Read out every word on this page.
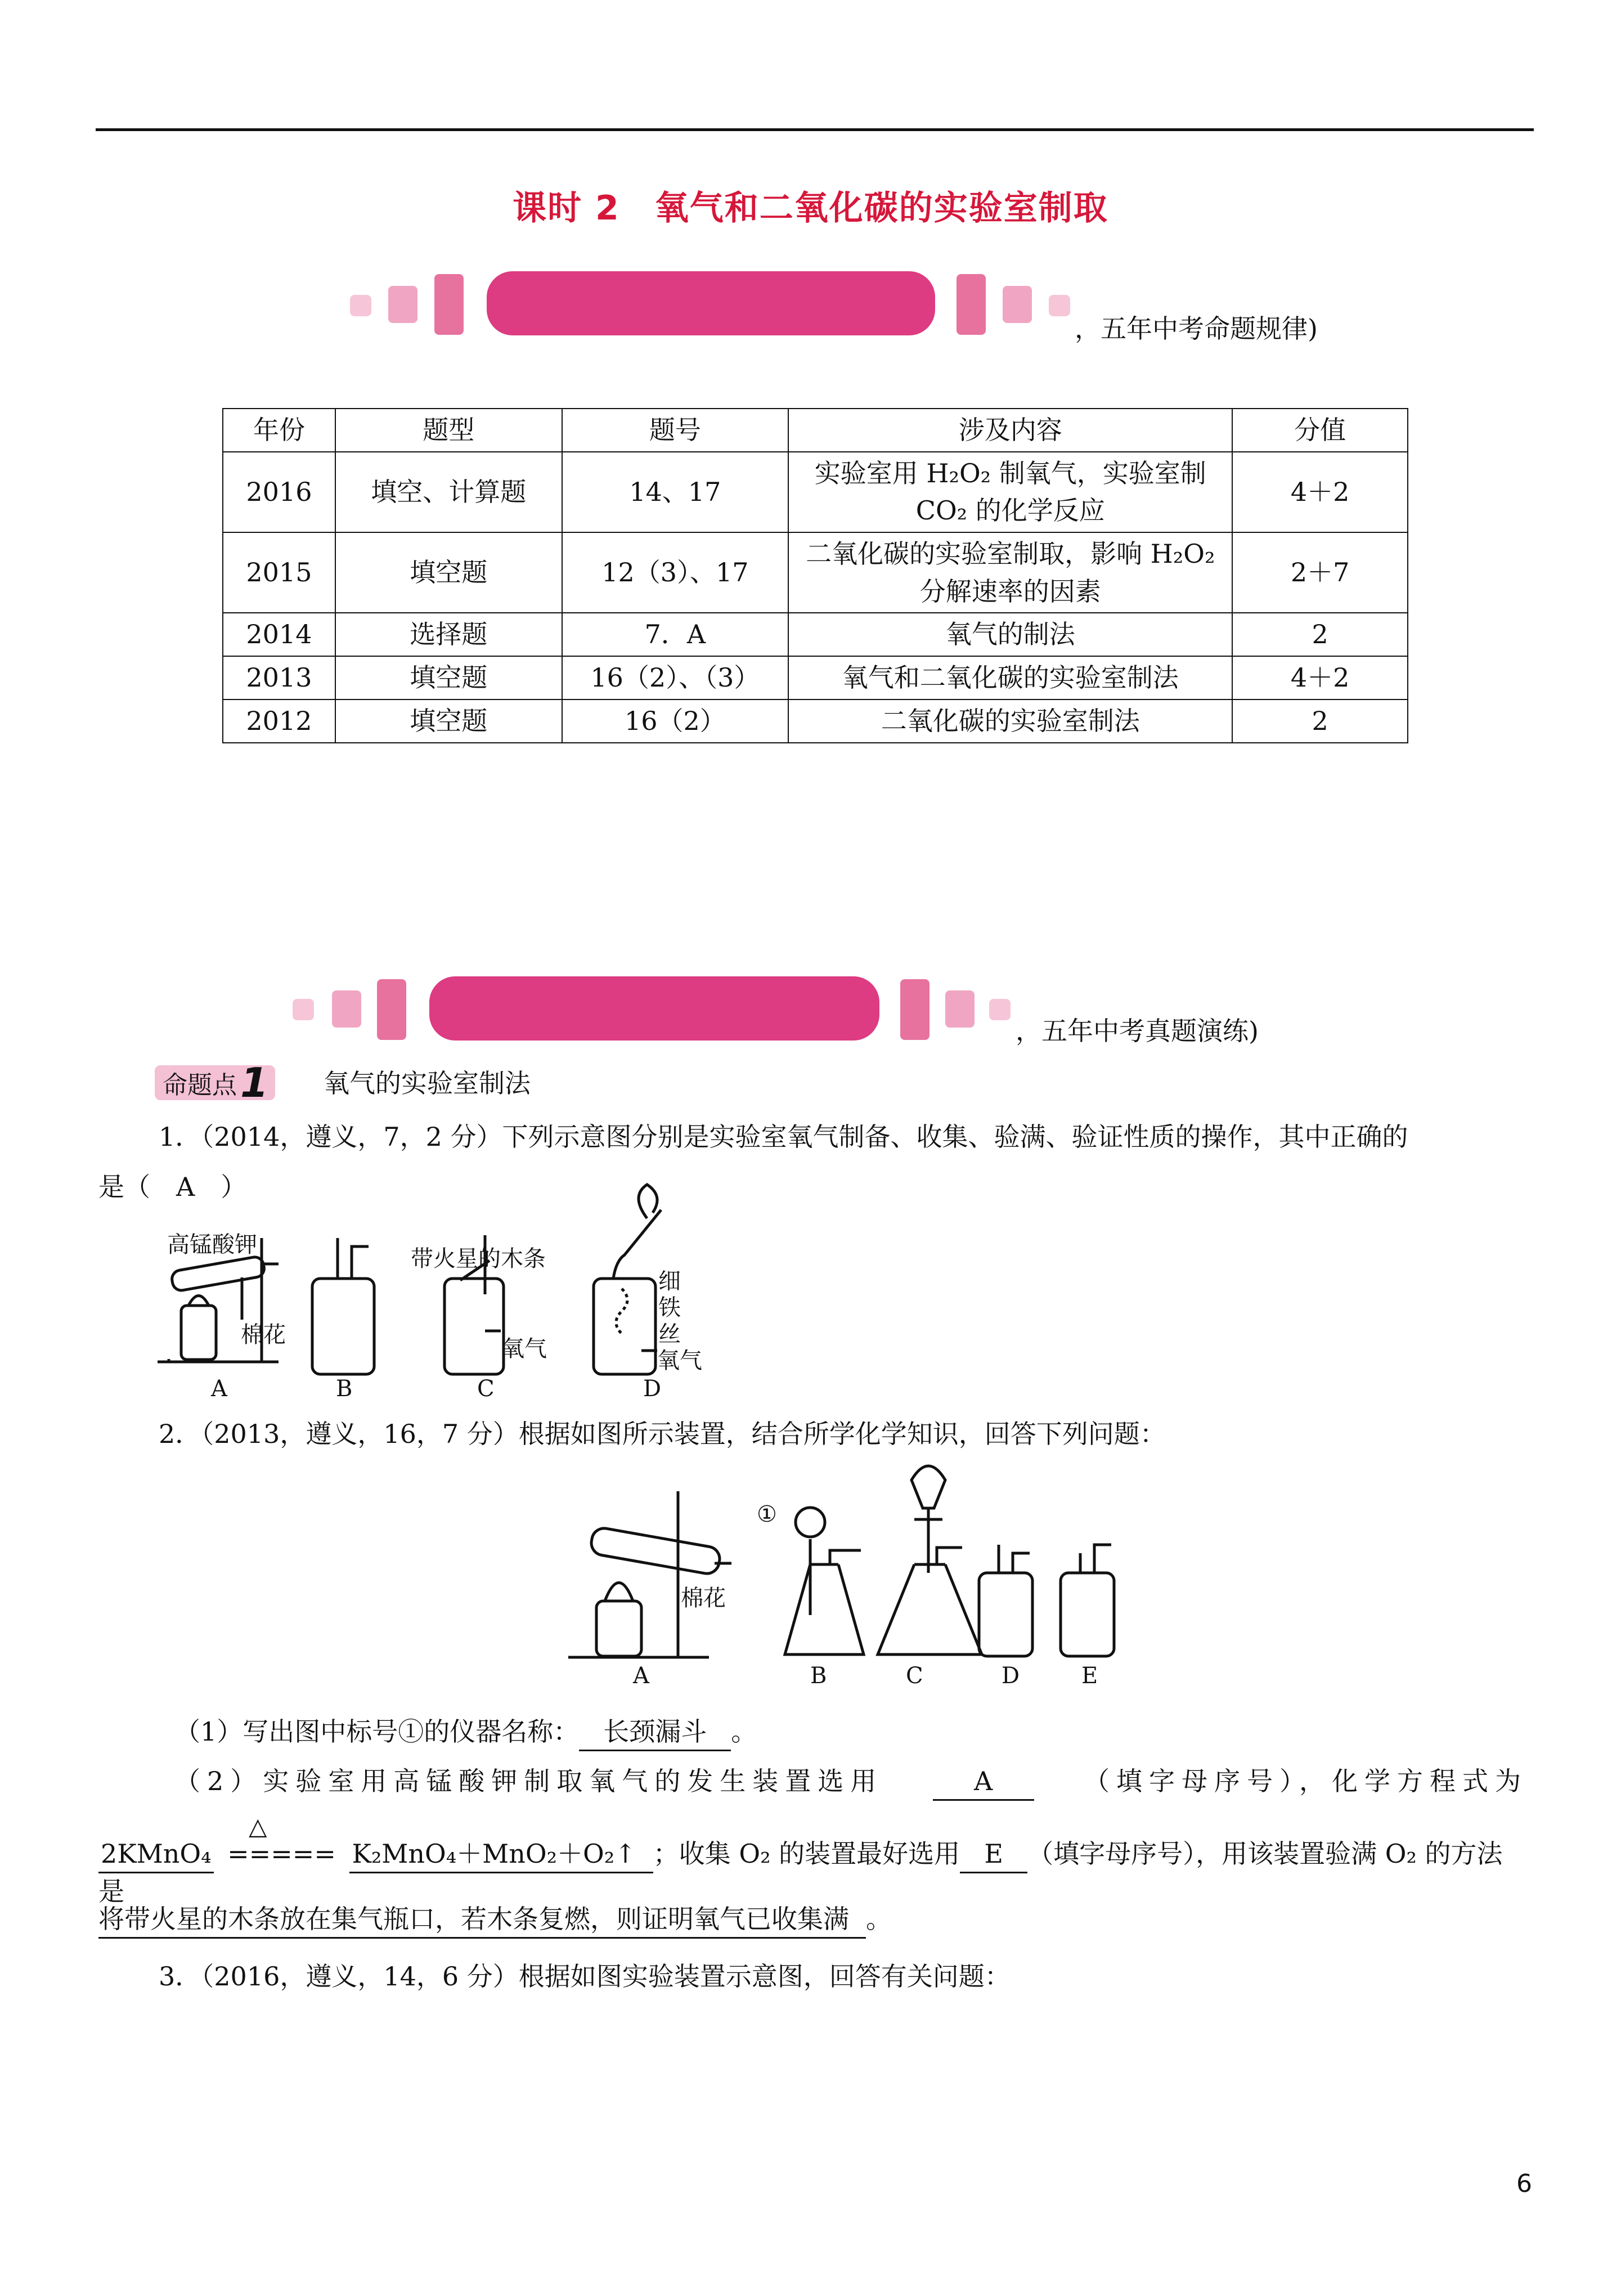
课时 2　氧气和二氧化碳的实验室制取
，五年中考命题规律)
年份	题型	题号	涉及内容	分值
2016	填空、计算题	14、17	实验室用 H₂O₂ 制氧气，实验室制 CO₂ 的化学反应	4＋2
2015	填空题	12（3）、17	二氧化碳的实验室制取，影响 H₂O₂ 分解速率的因素	2＋7
2014	选择题	7．A	氧气的制法	2
2013	填空题	16（2）、（3）	氧气和二氧化碳的实验室制法	4＋2
2012	填空题	16（2）	二氧化碳的实验室制法	2
，五年中考真题演练)
命题点 1 氧气的实验室制法
1．（2014，遵义，7，2 分）下列示意图分别是实验室氧气制备、收集、验满、验证性质的操作，其中正确的
是（　A　）
高锰酸钾
棉花
带火星的木条
氧气
细
铁
丝
氧气
A	B	C	D
2．（2013，遵义，16，7 分）根据如图所示装置，结合所学化学知识，回答下列问题：
①
棉花
A	B	C	D	E
（1）写出图中标号①的仪器名称： 长颈漏斗 。
（2）实验室用高锰酸钾制取氧气的发生装置选用	A	（填字母序号），化学方程式为
2KMnO₄
△
===== K₂MnO₄＋MnO₂＋O₂↑ ；收集 O₂ 的装置最好选用 E （填字母序号），用该装置验满 O₂ 的方法是
将带火星的木条放在集气瓶口，若木条复燃，则证明氧气已收集满 。
3．（2016，遵义，14，6 分）根据如图实验装置示意图，回答有关问题：
6
